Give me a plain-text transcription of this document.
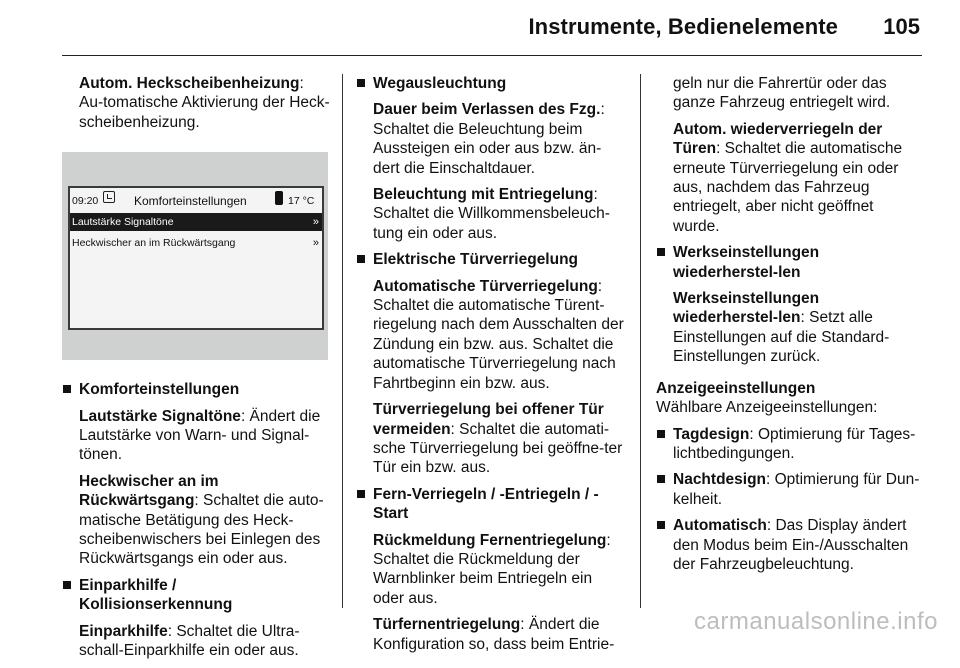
Instrumente, Bedienelemente 105

Autom. Heckscheibenheizung: Au-tomatische Aktivierung der Heck-scheibenheizung.

09:20	Komforteinstellungen	17 °C
Lautstärke Signaltöne	»
Heckwischer an im Rückwärtsgang	»
Komforteinstellungen

Lautstärke Signaltöne: Ändert die Lautstärke von Warn- und Signal-tönen.

Heckwischer an im Rückwärtsgang: Schaltet die auto-matische Betätigung des Heck-scheibenwischers bei Einlegen des Rückwärtsgangs ein oder aus.

Einparkhilfe / Kollisionserkennung

Einparkhilfe: Schaltet die Ultra-schall-Einparkhilfe ein oder aus.

Wegausleuchtung

Dauer beim Verlassen des Fzg.: Schaltet die Beleuchtung beim Aussteigen ein oder aus bzw. än-dert die Einschaltdauer.

Beleuchtung mit Entriegelung: Schaltet die Willkommensbeleuch-tung ein oder aus.

Elektrische Türverriegelung

Automatische Türverriegelung: Schaltet die automatische Türent-riegelung nach dem Ausschalten der Zündung ein bzw. aus. Schaltet die automatische Türverriegelung nach Fahrtbeginn ein bzw. aus.

Türverriegelung bei offener Tür vermeiden: Schaltet die automati-sche Türverriegelung bei geöffne-ter Tür ein bzw. aus.

Fern-Verriegeln / -Entriegeln / -Start

Rückmeldung Fernentriegelung: Schaltet die Rückmeldung der Warnblinker beim Entriegeln ein oder aus.

Türfernentriegelung: Ändert die Konfiguration so, dass beim Entrie-

geln nur die Fahrertür oder das ganze Fahrzeug entriegelt wird.

Autom. wiederverriegeln der Türen: Schaltet die automatische erneute Türverriegelung ein oder aus, nachdem das Fahrzeug entriegelt, aber nicht geöffnet wurde.

Werkseinstellungen wiederherstel-len

Werkseinstellungen wiederherstel-len: Setzt alle Einstellungen auf die Standard-Einstellungen zurück.

Anzeigeeinstellungen

Wählbare Anzeigeeinstellungen:

Tagdesign: Optimierung für Tages-lichtbedingungen.
Nachtdesign: Optimierung für Dun-kelheit.
Automatisch: Das Display ändert den Modus beim Ein-/Ausschalten der Fahrzeugbeleuchtung.
carmanualsonline.info
